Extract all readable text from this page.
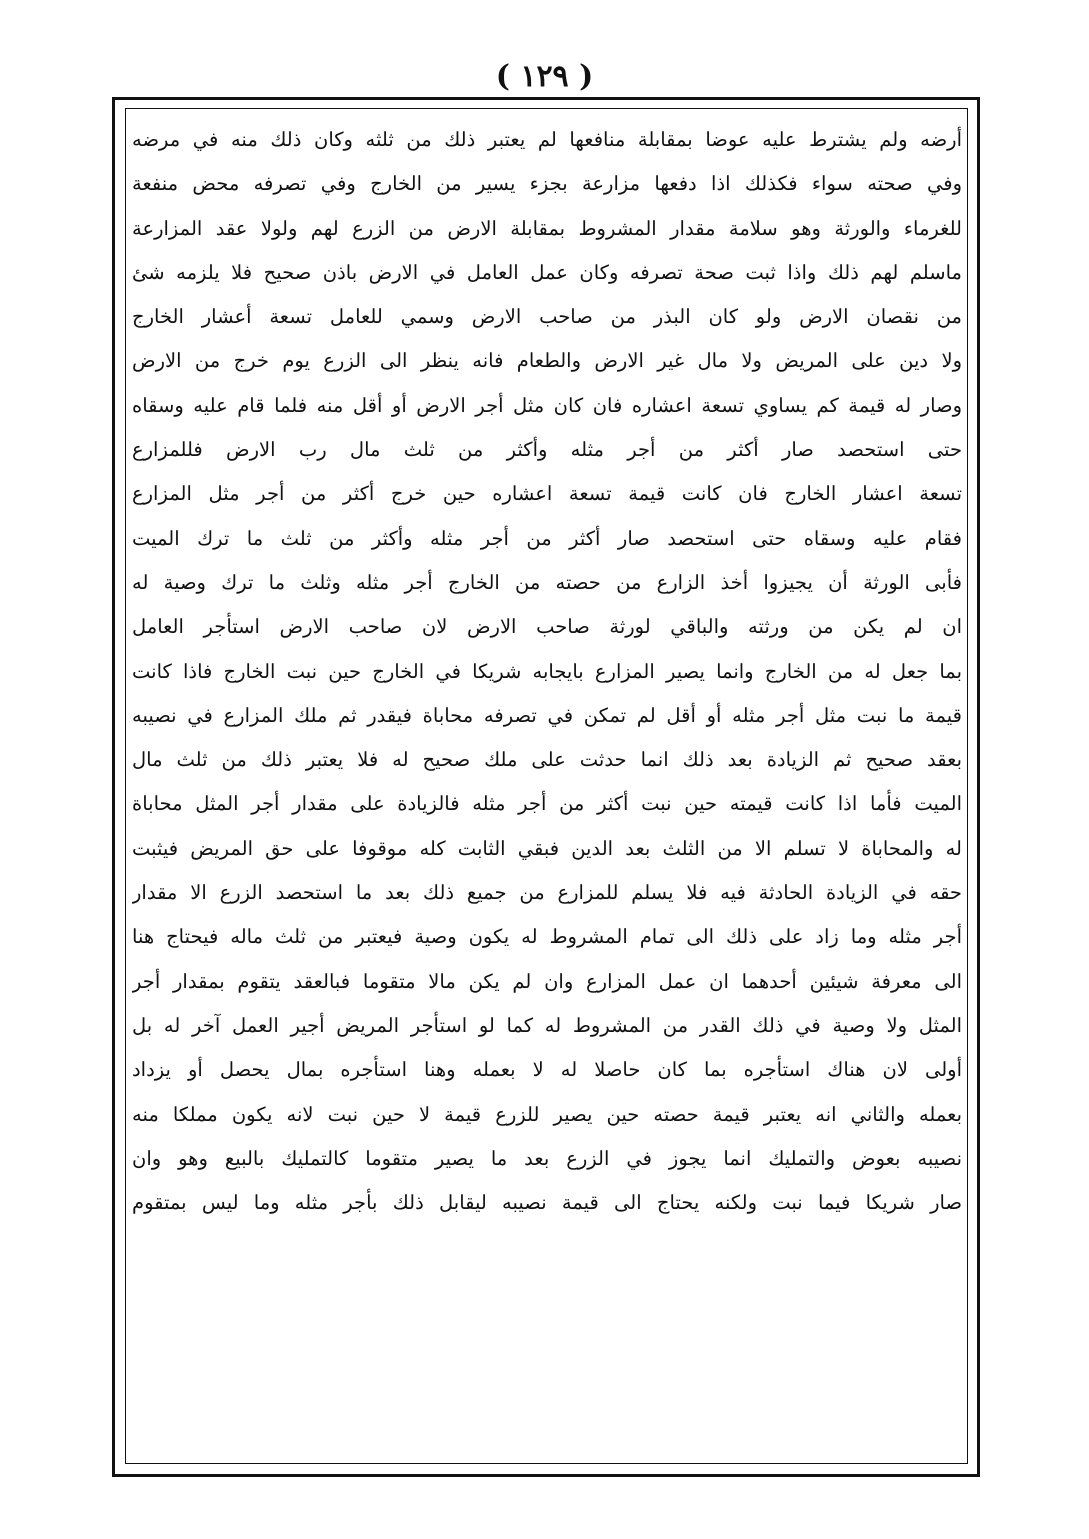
( ١٢٩ )
أرضه ولم يشترط عليه عوضا بمقابلة منافعها لم يعتبر ذلك من ثلثه وكان ذلك منه في مرضه
وفي صحته سواء فكذلك اذا دفعها مزارعة بجزء يسير من الخارج وفي تصرفه محض منفعة
للغرماء والورثة وهو سلامة مقدار المشروط بمقابلة الارض من الزرع لهم ولولا عقد المزارعة
ماسلم لهم ذلك واذا ثبت صحة تصرفه وكان عمل العامل في الارض باذن صحيح فلا يلزمه شئ
من نقصان الارض ولو كان البذر من صاحب الارض وسمي للعامل تسعة أعشار الخارج
ولا دين على المريض ولا مال غير الارض والطعام فانه ينظر الى الزرع يوم خرج من الارض
وصار له قيمة كم يساوي تسعة اعشاره فان كان مثل أجر الارض أو أقل منه فلما قام عليه وسقاه
حتى استحصد صار أكثر من أجر مثله وأكثر من ثلث مال رب الارض فللمزارع
تسعة اعشار الخارج فان كانت قيمة تسعة اعشاره حين خرج أكثر من أجر مثل المزارع
فقام عليه وسقاه حتى استحصد صار أكثر من أجر مثله وأكثر من ثلث ما ترك الميت
فأبى الورثة أن يجيزوا أخذ الزارع من حصته من الخارج أجر مثله وثلث ما ترك وصية له
ان لم يكن من ورثته والباقي لورثة صاحب الارض لان صاحب الارض استأجر العامل
بما جعل له من الخارج وانما يصير المزارع بايجابه شريكا في الخارج حين نبت الخارج فاذا كانت
قيمة ما نبت مثل أجر مثله أو أقل لم تمكن في تصرفه محاباة فيقدر ثم ملك المزارع في نصيبه
بعقد صحيح ثم الزيادة بعد ذلك انما حدثت على ملك صحيح له فلا يعتبر ذلك من ثلث مال
الميت فأما اذا كانت قيمته حين نبت أكثر من أجر مثله فالزيادة على مقدار أجر المثل محاباة
له والمحاباة لا تسلم الا من الثلث بعد الدين فبقي الثابت كله موقوفا على حق المريض فيثبت
حقه في الزيادة الحادثة فيه فلا يسلم للمزارع من جميع ذلك بعد ما استحصد الزرع الا مقدار
أجر مثله وما زاد على ذلك الى تمام المشروط له يكون وصية فيعتبر من ثلث ماله فيحتاج هنا
الى معرفة شيئين أحدهما ان عمل المزارع وان لم يكن مالا متقوما فبالعقد يتقوم بمقدار أجر
المثل ولا وصية في ذلك القدر من المشروط له كما لو استأجر المريض أجير العمل آخر له بل
أولى لان هناك استأجره بما كان حاصلا له لا بعمله وهنا استأجره بمال يحصل أو يزداد
بعمله والثاني انه يعتبر قيمة حصته حين يصير للزرع قيمة لا حين نبت لانه يكون مملكا منه
نصيبه بعوض والتمليك انما يجوز في الزرع بعد ما يصير متقوما كالتمليك بالبيع وهو وان
صار شريكا فيما نبت ولكنه يحتاج الى قيمة نصيبه ليقابل ذلك بأجر مثله وما ليس بمتقوم
